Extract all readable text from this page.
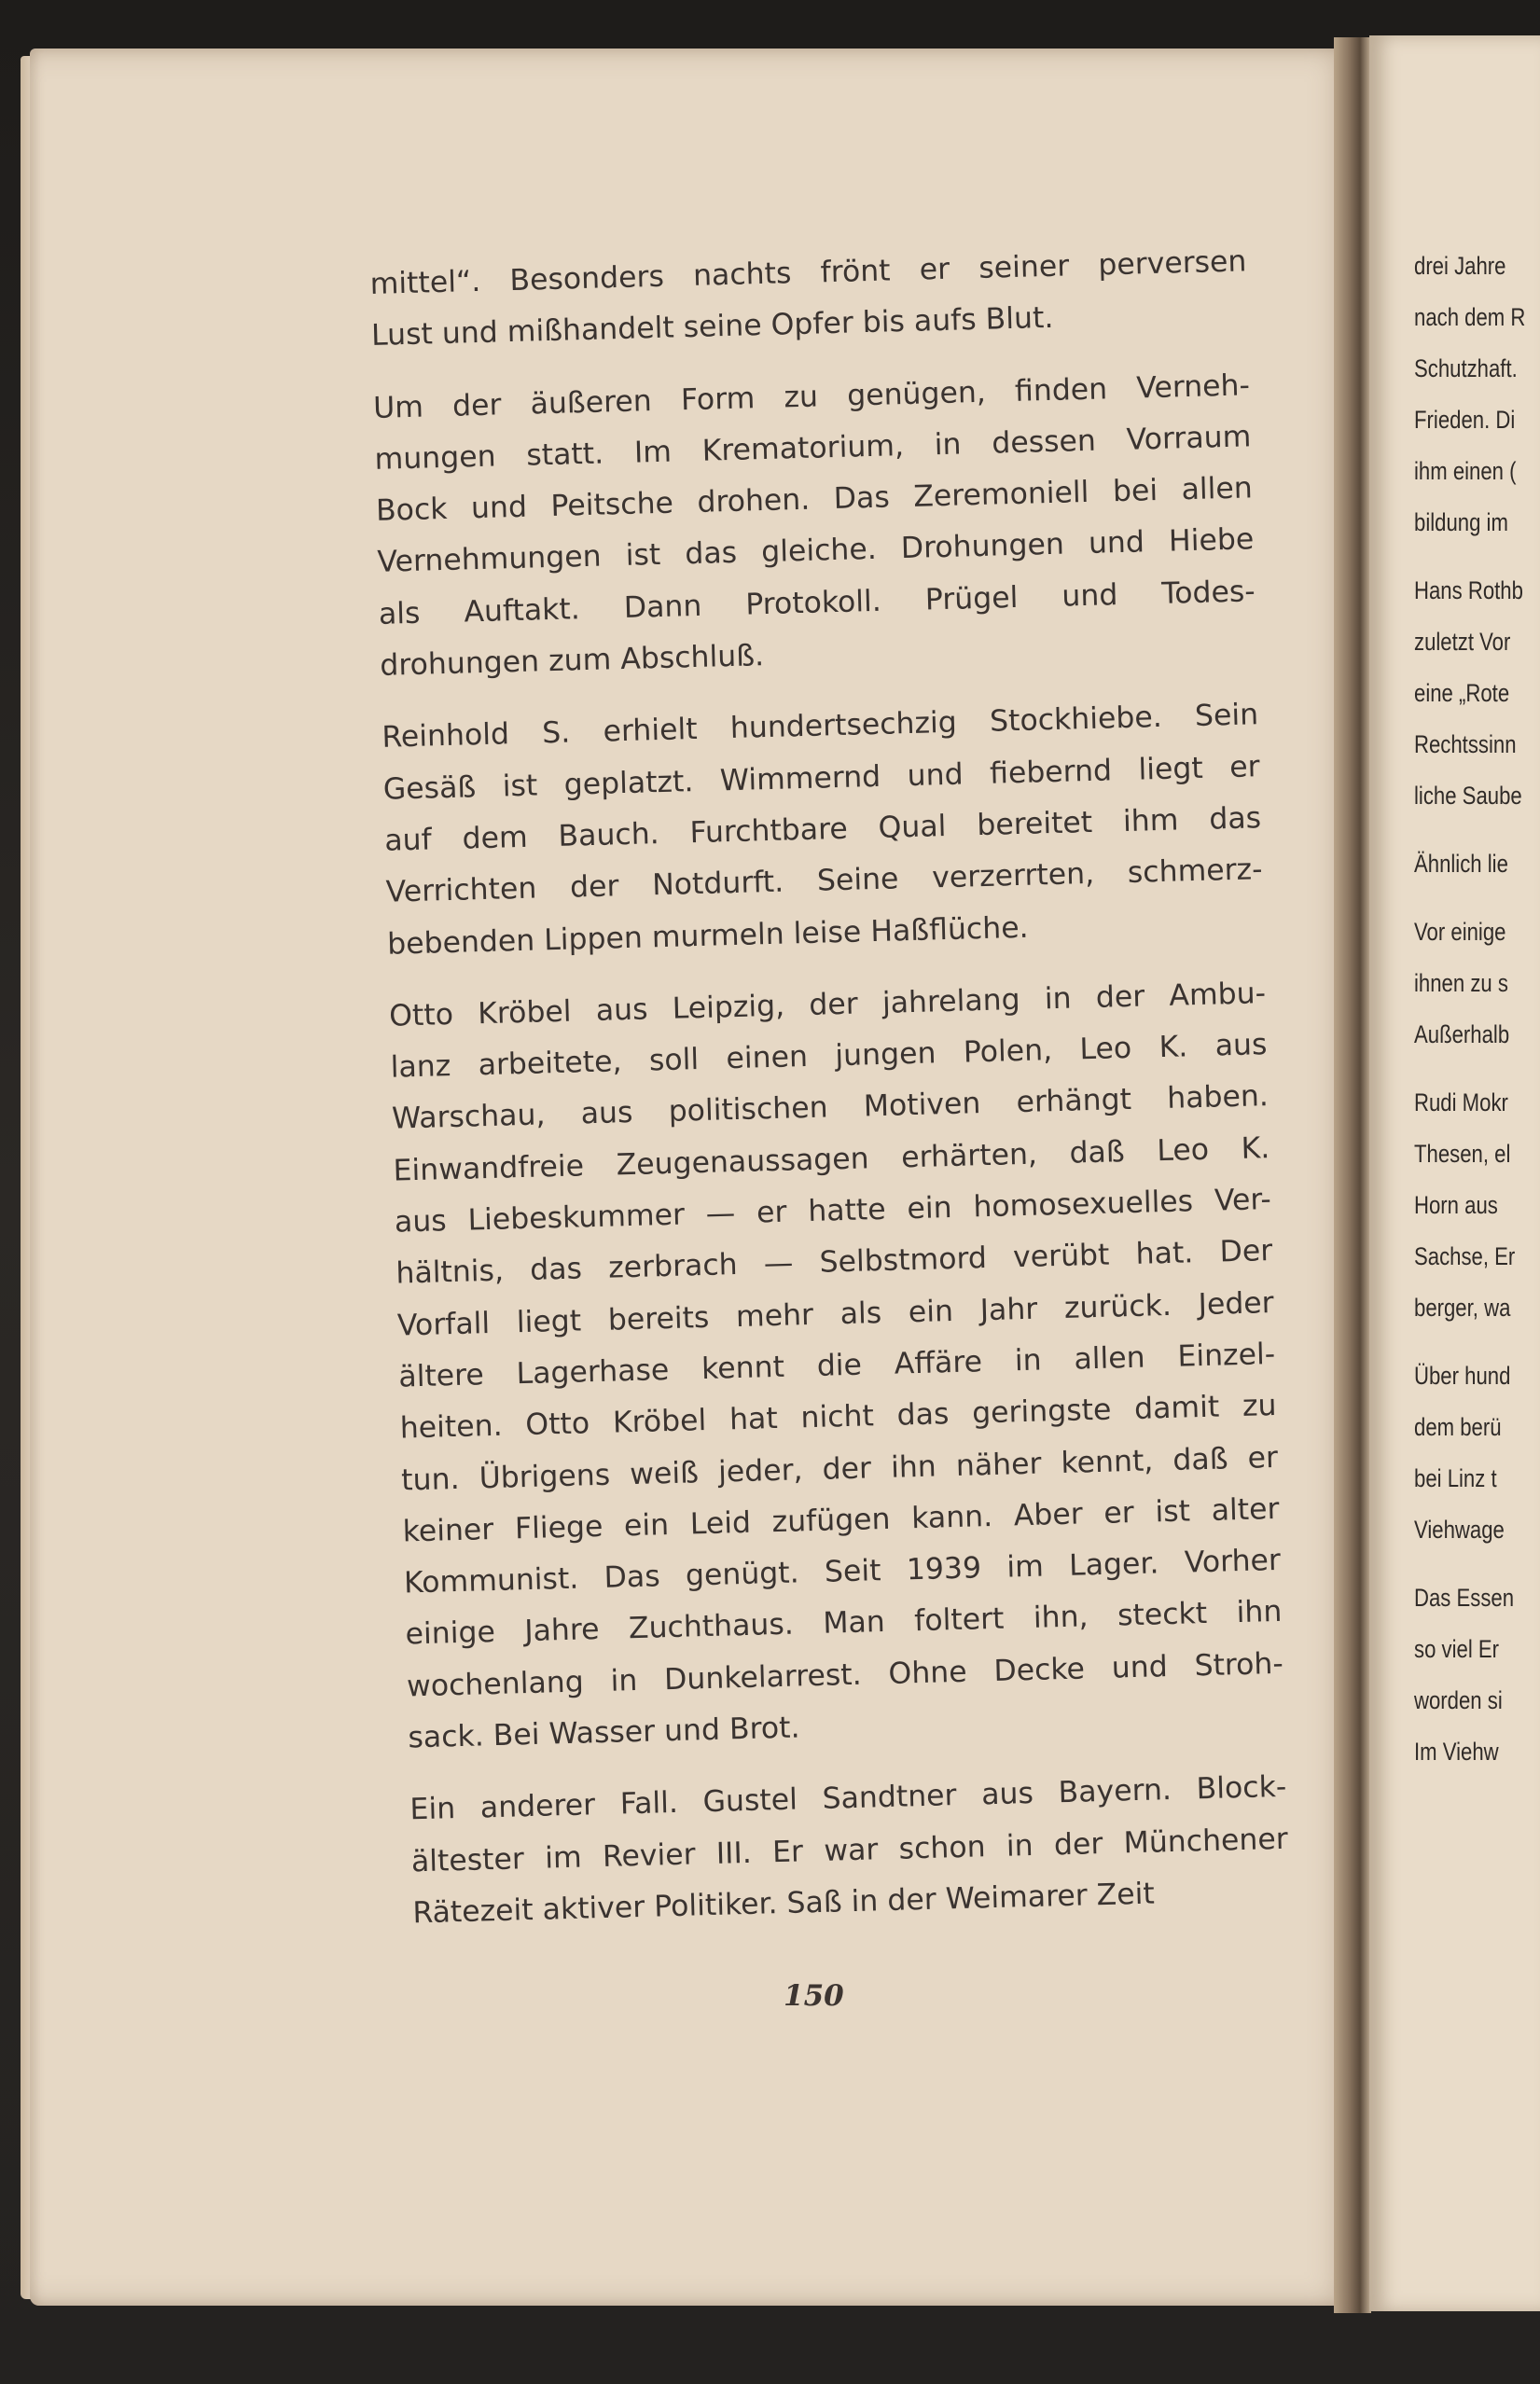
mittel“. Besonders nachts frönt er seiner perversen
Lust und mißhandelt seine Opfer bis aufs Blut.
Um der äußeren Form zu genügen, finden Verneh-
mungen statt. Im Krematorium, in dessen Vorraum
Bock und Peitsche drohen. Das Zeremoniell bei allen
Vernehmungen ist das gleiche. Drohungen und Hiebe
als Auftakt. Dann Protokoll. Prügel und Todes-
drohungen zum Abschluß.
Reinhold S. erhielt hundertsechzig Stockhiebe. Sein
Gesäß ist geplatzt. Wimmernd und fiebernd liegt er
auf dem Bauch. Furchtbare Qual bereitet ihm das
Verrichten der Notdurft. Seine verzerrten, schmerz-
bebenden Lippen murmeln leise Haßflüche.
Otto Kröbel aus Leipzig, der jahrelang in der Ambu-
lanz arbeitete, soll einen jungen Polen, Leo K. aus
Warschau, aus politischen Motiven erhängt haben.
Einwandfreie Zeugenaussagen erhärten, daß Leo K.
aus Liebeskummer — er hatte ein homosexuelles Ver-
hältnis, das zerbrach — Selbstmord verübt hat. Der
Vorfall liegt bereits mehr als ein Jahr zurück. Jeder
ältere Lagerhase kennt die Affäre in allen Einzel-
heiten. Otto Kröbel hat nicht das geringste damit zu
tun. Übrigens weiß jeder, der ihn näher kennt, daß er
keiner Fliege ein Leid zufügen kann. Aber er ist alter
Kommunist. Das genügt. Seit 1939 im Lager. Vorher
einige Jahre Zuchthaus. Man foltert ihn, steckt ihn
wochenlang in Dunkelarrest. Ohne Decke und Stroh-
sack. Bei Wasser und Brot.
Ein anderer Fall. Gustel Sandtner aus Bayern. Block-
ältester im Revier III. Er war schon in der Münchener
Rätezeit aktiver Politiker. Saß in der Weimarer Zeit
150
drei Jahre
nach dem R
Schutzhaft.
Frieden. Di
ihm einen (
bildung im
Hans Rothb
zuletzt Vor
eine „Rote
Rechtssinn
liche Saube
Ähnlich lie
Vor einige
ihnen zu s
Außerhalb
Rudi Mokr
Thesen, el
Horn aus
Sachse, Er
berger, wa
Über hund
dem berü
bei Linz t
Viehwage
Das Essen
so viel Er
worden si
Im Viehw
